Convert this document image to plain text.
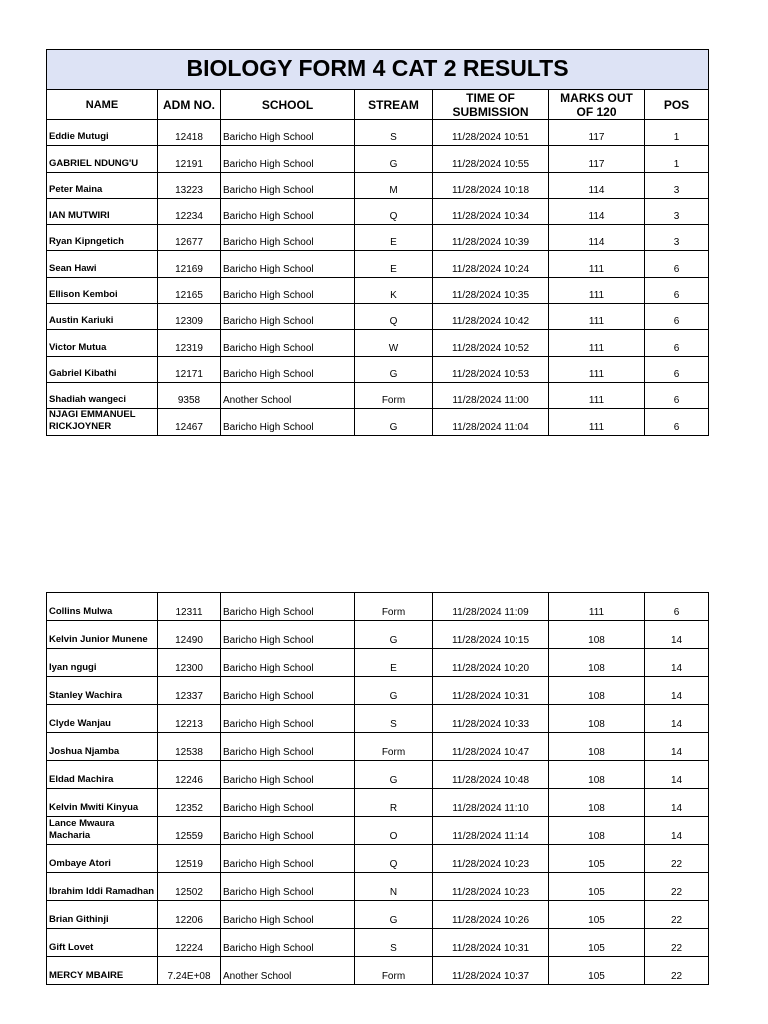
BIOLOGY FORM 4 CAT 2 RESULTS						
NAME	ADM NO.	SCHOOL	STREAM	TIME OF SUBMISSION	MARKS OUT OF 120	POS
Eddie Mutugi	12418	Baricho High School	S	11/28/2024 10:51	117	1
GABRIEL NDUNG'U	12191	Baricho High School	G	11/28/2024 10:55	117	1
Peter Maina	13223	Baricho High School	M	11/28/2024 10:18	114	3
IAN MUTWIRI	12234	Baricho High School	Q	11/28/2024 10:34	114	3
Ryan Kipngetich	12677	Baricho High School	E	11/28/2024 10:39	114	3
Sean Hawi	12169	Baricho High School	E	11/28/2024 10:24	111	6
Ellison Kemboi	12165	Baricho High School	K	11/28/2024 10:35	111	6
Austin Kariuki	12309	Baricho High School	Q	11/28/2024 10:42	111	6
Victor Mutua	12319	Baricho High School	W	11/28/2024 10:52	111	6
Gabriel Kibathi	12171	Baricho High School	G	11/28/2024 10:53	111	6
Shadiah wangeci	9358	Another School	Form	11/28/2024 11:00	111	6
NJAGI EMMANUEL RICKJOYNER	12467	Baricho High School	G	11/28/2024 11:04	111	6
Collins Mulwa	12311	Baricho High School	Form	11/28/2024 11:09	111	6
Kelvin Junior Munene	12490	Baricho High School	G	11/28/2024 10:15	108	14
Iyan ngugi	12300	Baricho High School	E	11/28/2024 10:20	108	14
Stanley Wachira	12337	Baricho High School	G	11/28/2024 10:31	108	14
Clyde Wanjau	12213	Baricho High School	S	11/28/2024 10:33	108	14
Joshua Njamba	12538	Baricho High School	Form	11/28/2024 10:47	108	14
Eldad Machira	12246	Baricho High School	G	11/28/2024 10:48	108	14
Kelvin Mwiti Kinyua	12352	Baricho High School	R	11/28/2024 11:10	108	14
Lance Mwaura Macharia	12559	Baricho High School	O	11/28/2024 11:14	108	14
Ombaye Atori	12519	Baricho High School	Q	11/28/2024 10:23	105	22
Ibrahim Iddi Ramadhan	12502	Baricho High School	N	11/28/2024 10:23	105	22
Brian Githinji	12206	Baricho High School	G	11/28/2024 10:26	105	22
Gift Lovet	12224	Baricho High School	S	11/28/2024 10:31	105	22
MERCY MBAIRE	7.24E+08	Another School	Form	11/28/2024 10:37	105	22
